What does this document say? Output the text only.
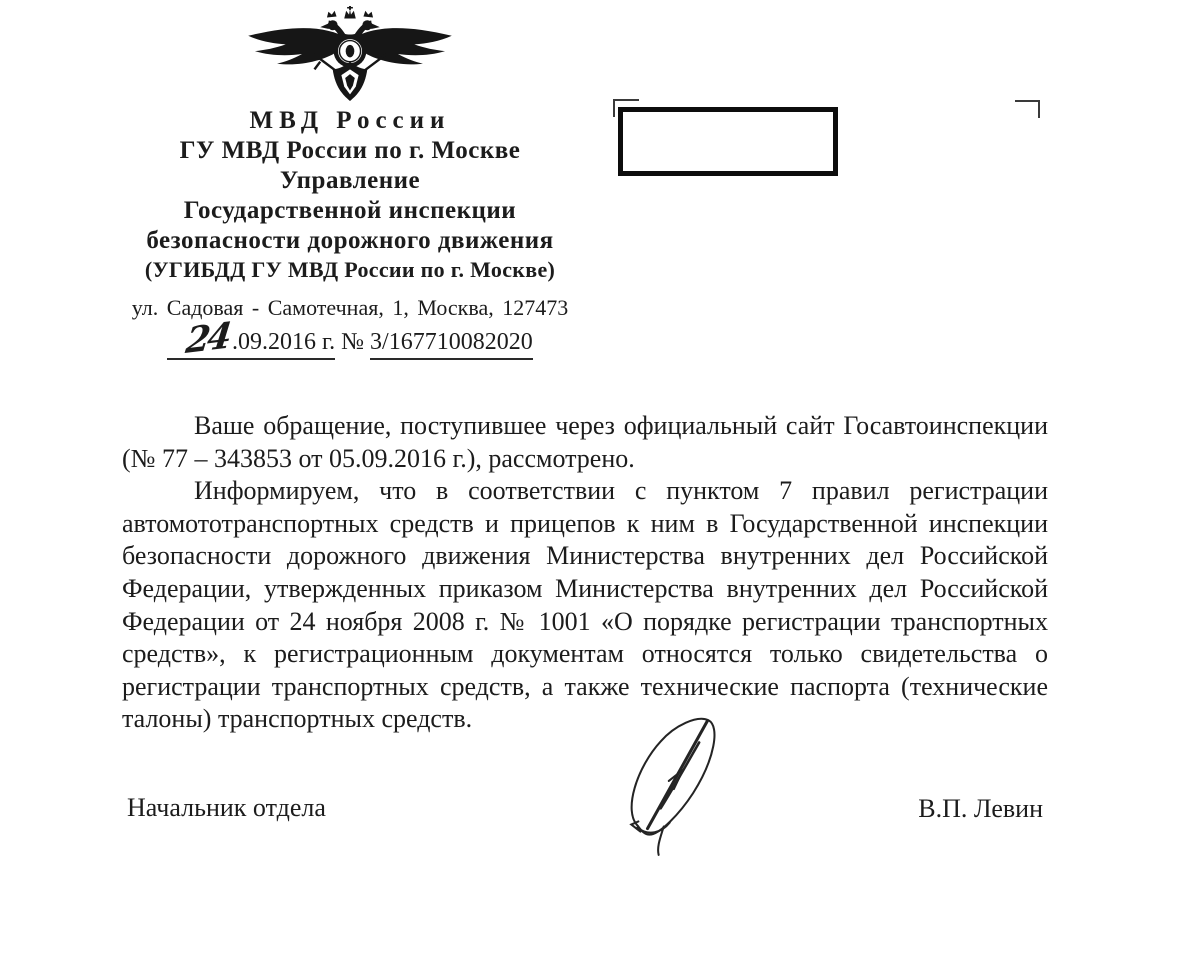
МВД России
ГУ МВД России по г. Москве
Управление
Государственной инспекции
безопасности дорожного движения
(УГИБДД ГУ МВД России по г. Москве)
ул. Садовая - Самотечная, 1, Москва, 127473
24.09.2016 г. № 3/167710082020

Ваше обращение, поступившее через официальный сайт Госавтоинспекции (№ 77 – 343853 от 05.09.2016 г.), рассмотрено.

Информируем, что в соответствии с пунктом 7 правил регистрации автомототранспортных средств и прицепов к ним в Государственной инспекции безопасности дорожного движения Министерства внутренних дел Российской Федерации, утвержденных приказом Министерства внутренних дел Российской Федерации от 24 ноября 2008 г. № 1001 «О порядке регистрации транспортных средств», к регистрационным документам относятся только свидетельства о регистрации транспортных средств, а также технические паспорта (технические талоны) транспортных средств.

Начальник отдела	В.П. Левин
